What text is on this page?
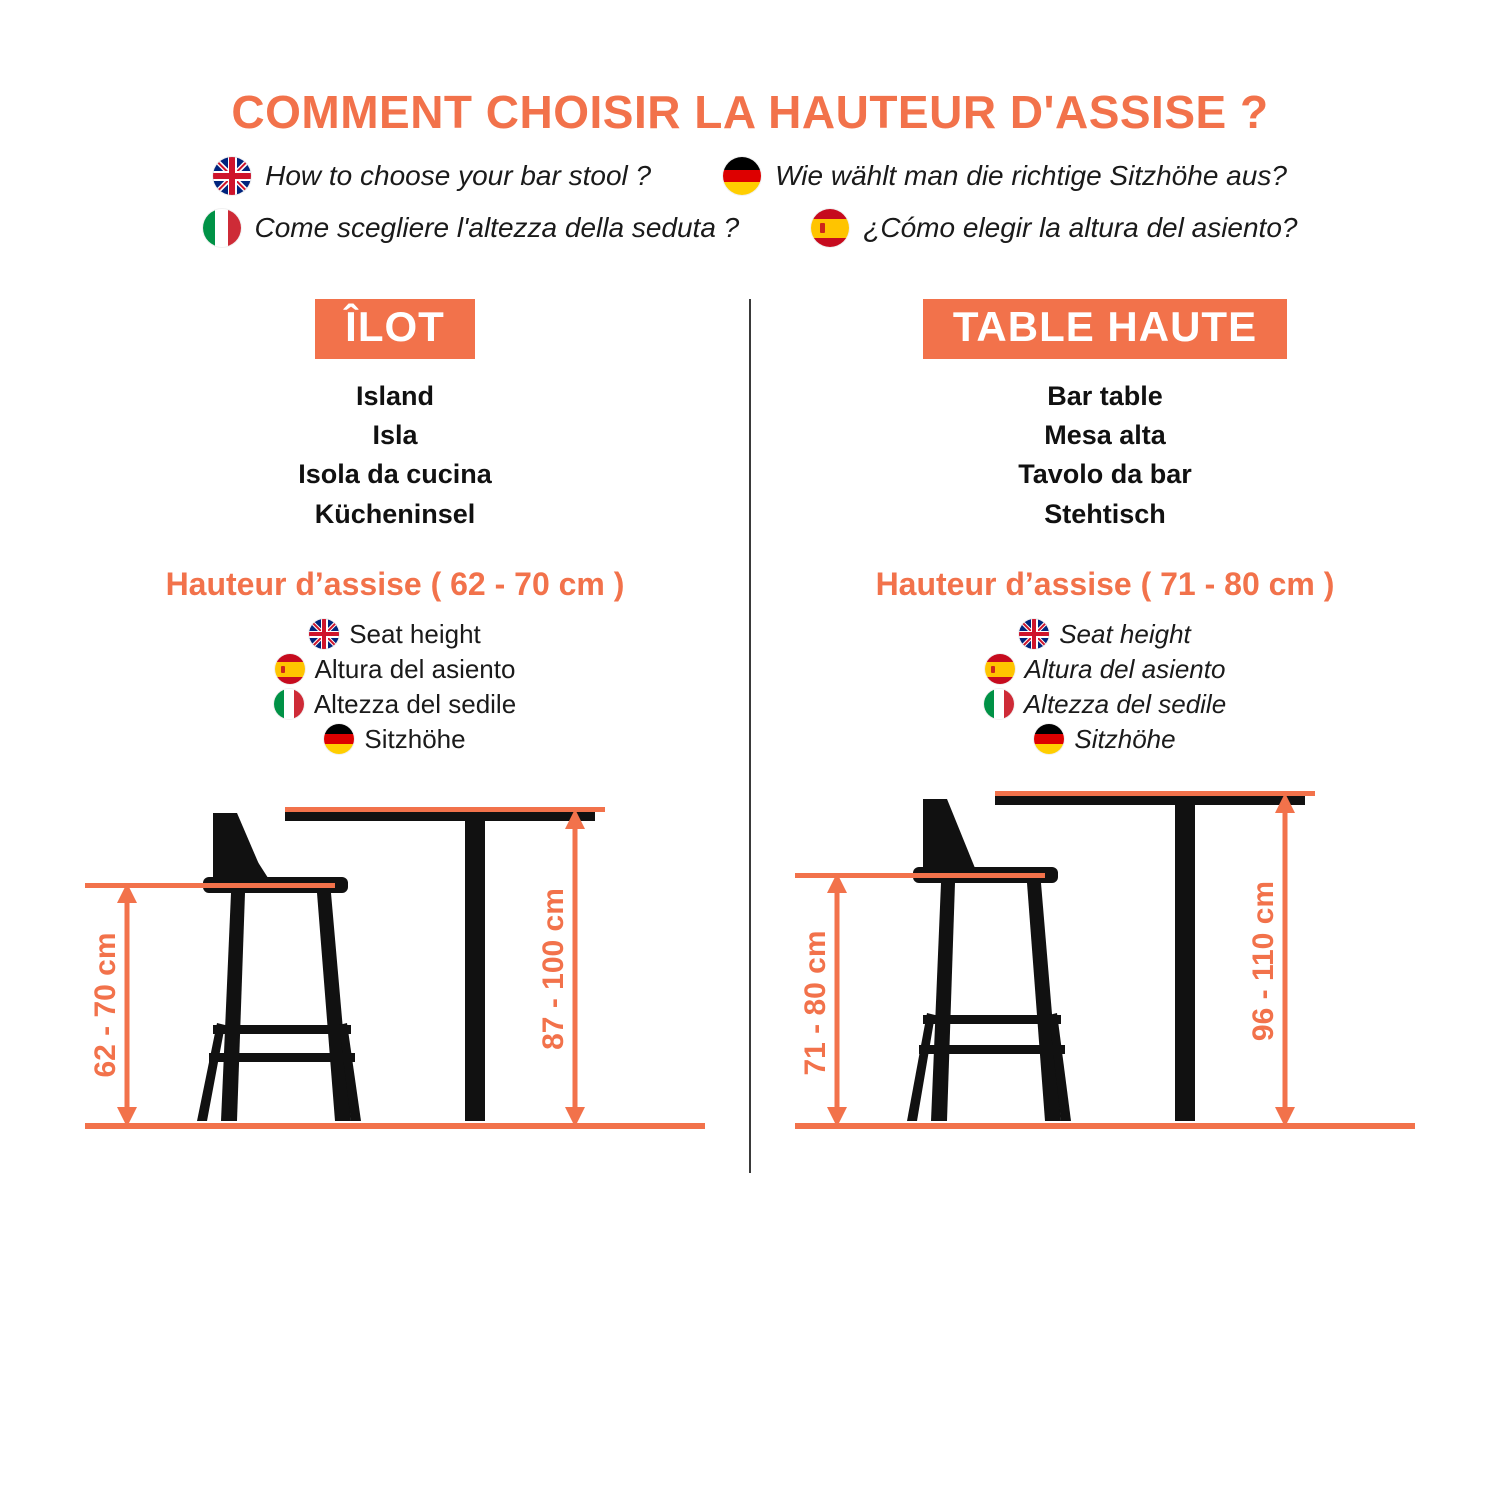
COMMENT CHOISIR LA HAUTEUR D'ASSISE ?
How to choose your bar stool ?	Wie wählt man die richtige Sitzhöhe aus?
Come scegliere l'altezza della seduta ?	¿Cómo elegir la altura del asiento?
ÎLOT
Island
Isla
Isola da cucina
Kücheninsel
Hauteur d’assise ( 62 - 70 cm )
Seat height
Altura del asiento
Altezza del sedile
Sitzhöhe
62 - 70 cm	87 - 100 cm
TABLE HAUTE
Bar table
Mesa alta
Tavolo da bar
Stehtisch
Hauteur d’assise ( 71 - 80 cm )
Seat height
Altura del asiento
Altezza del sedile
Sitzhöhe
71 - 80 cm	96 - 110 cm
